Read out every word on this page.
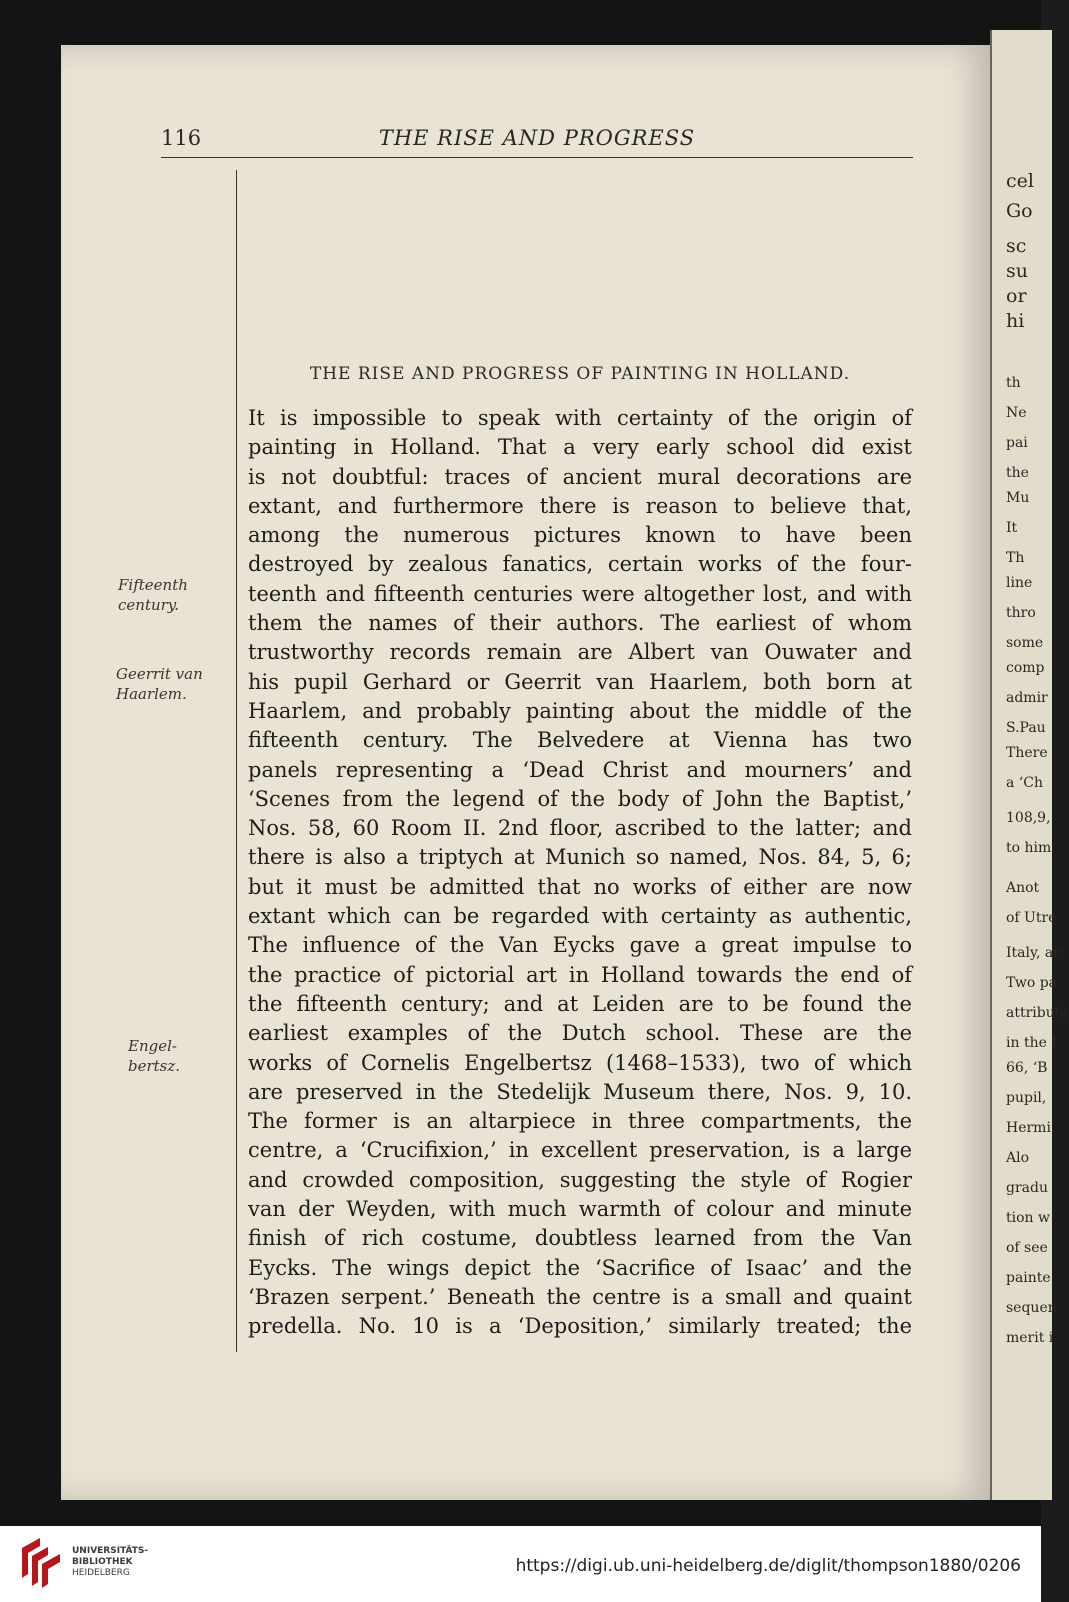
cel
Go
sc
su
or
hi
th
Ne
pai
the
Mu
It
Th
line
thro
some
comp
admir
S.Pau
There
a ‘Ch
108,9,
to him
Anot
of Utre
Italy, ar
Two pa
attribute
in the I
66, ‘B
pupil,
Hermi
Alo
gradu
tion w
of see
painte
sequen
merit i
116	THE RISE AND PROGRESS
Fifteenth
century.
Geerrit van
Haarlem.
Engel-
bertsz.
THE RISE AND PROGRESS OF PAINTING IN HOLLAND.
It is impossible to speak with certainty of the origin of
painting in Holland. That a very early school did exist
is not doubtful: traces of ancient mural decorations are
extant, and furthermore there is reason to believe that,
among the numerous pictures known to have been
destroyed by zealous fanatics, certain works of the four-
teenth and fifteenth centuries were altogether lost, and with
them the names of their authors. The earliest of whom
trustworthy records remain are Albert van Ouwater and
his pupil Gerhard or Geerrit van Haarlem, both born at
Haarlem, and probably painting about the middle of the
fifteenth century. The Belvedere at Vienna has two
panels representing a ‘Dead Christ and mourners’ and
‘Scenes from the legend of the body of John the Baptist,’
Nos. 58, 60 Room II. 2nd floor, ascribed to the latter; and
there is also a triptych at Munich so named, Nos. 84, 5, 6;
but it must be admitted that no works of either are now
extant which can be regarded with certainty as authentic,
The influence of the Van Eycks gave a great impulse to
the practice of pictorial art in Holland towards the end of
the fifteenth century; and at Leiden are to be found the
earliest examples of the Dutch school. These are the
works of Cornelis Engelbertsz (1468–1533), two of which
are preserved in the Stedelijk Museum there, Nos. 9, 10.
The former is an altarpiece in three compartments, the
centre, a ‘Crucifixion,’ in excellent preservation, is a large
and crowded composition, suggesting the style of Rogier
van der Weyden, with much warmth of colour and minute
finish of rich costume, doubtless learned from the Van
Eycks. The wings depict the ‘Sacrifice of Isaac’ and the
‘Brazen serpent.’ Beneath the centre is a small and quaint
predella. No. 10 is a ‘Deposition,’ similarly treated; the
UNIVERSITÄTS-
BIBLIOTHEK
HEIDELBERG	https://digi.ub.uni-heidelberg.de/diglit/thompson1880/0206
